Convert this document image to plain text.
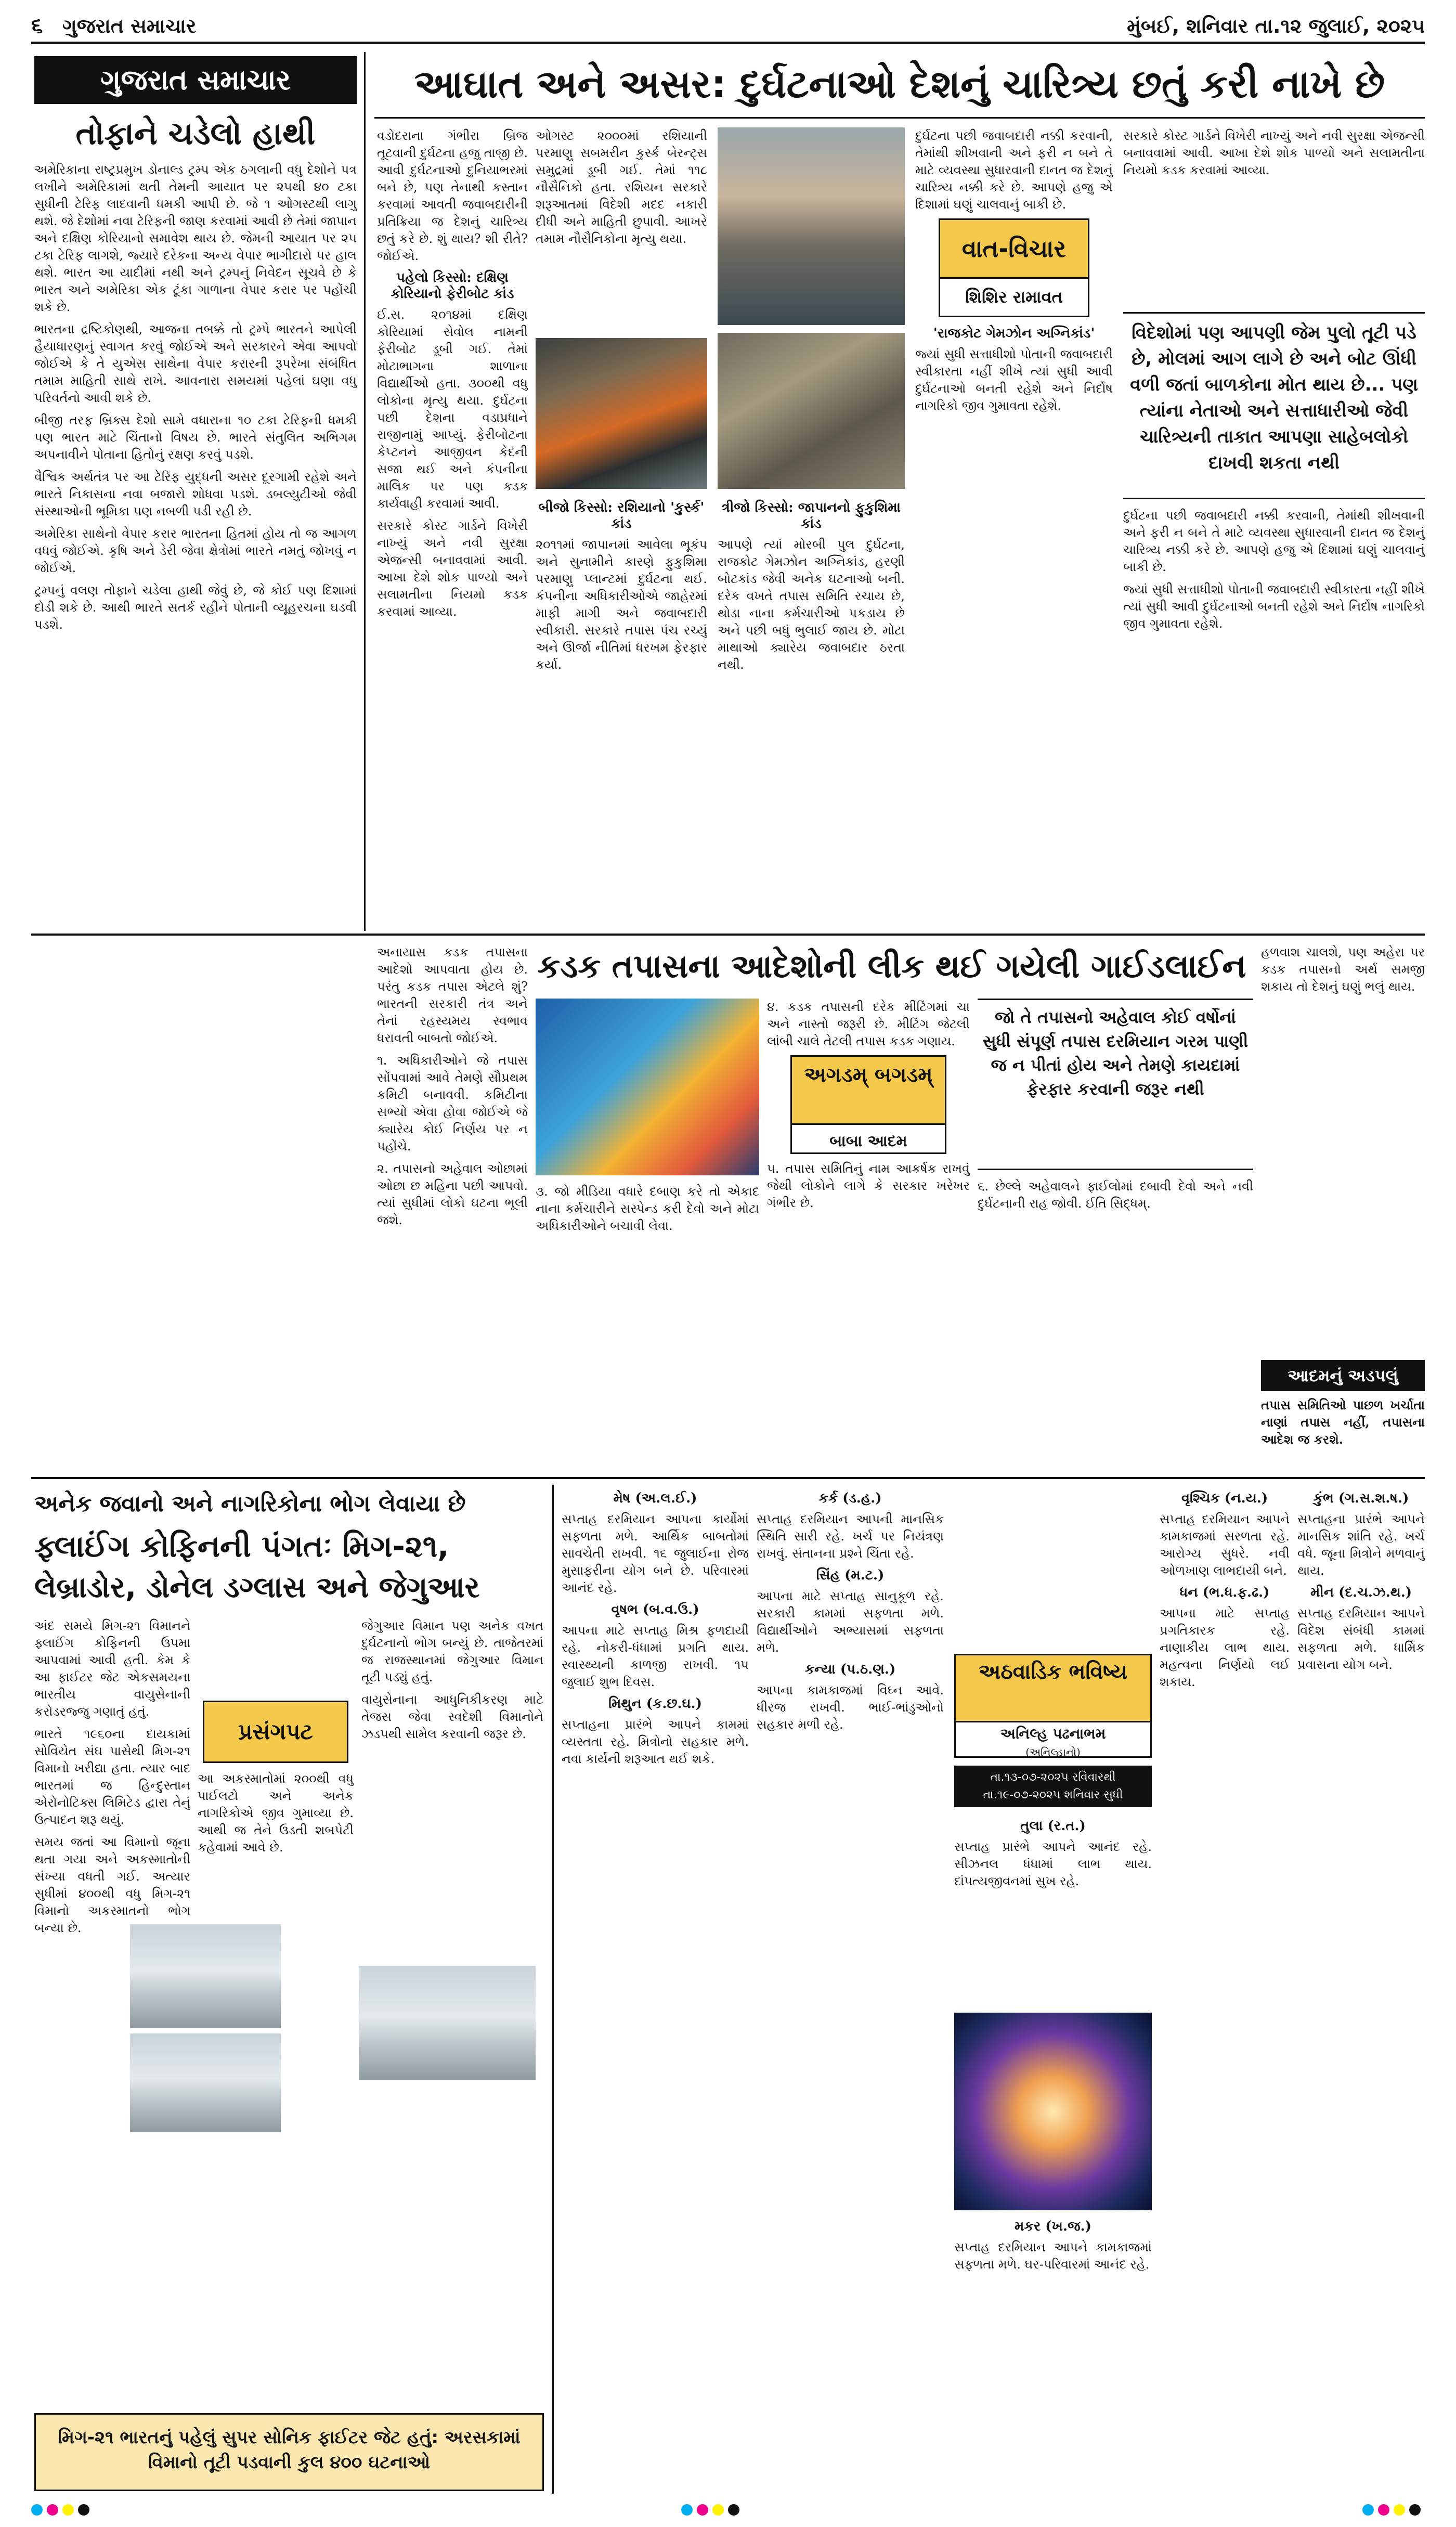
૬ ગુજરાત સમાચાર	મુંબઈ, શનિવાર તા.૧૨ જુલાઈ, ૨૦૨૫
ગુજરાત સમાચાર
તોફાને ચડેલો હાથી

અમેરિકાના રાષ્ટ્રપ્રમુખ ડોનાલ્ડ ટ્રમ્પ એક ઠગલાની વધુ દેશોને પત્ર લખીને અમેરિકામાં થતી તેમની આયાત પર ૨૫થી ૪૦ ટકા સુધીની ટેરિફ લાદવાની ધમકી આપી છે. જે ૧ ઓગસ્ટથી લાગુ થશે. જે દેશોમાં નવા ટેરિફની જાણ કરવામાં આવી છે તેમાં જાપાન અને દક્ષિણ કોરિયાનો સમાવેશ થાય છે. જેમની આયાત પર ૨૫ ટકા ટેરિફ લાગશે, જ્યારે દરેકના અન્ય વેપાર ભાગીદારો પર હાલ થશે. ભારત આ યાદીમાં નથી અને ટ્રમ્પનું નિવેદન સૂચવે છે કે ભારત અને અમેરિકા એક ટૂંકા ગાળાના વેપાર કરાર પર પહોંચી શકે છે.

ભારતના દ્રષ્ટિકોણથી, આજના તબક્કે તો ટ્રમ્પે ભારતને આપેલી હૈયાધારણનું સ્વાગત કરવું જોઈએ અને સરકારને એવા આપવો જોઈએ કે તે યુએસ સાથેના વેપાર કરારની રૂપરેખા સંબંધિત તમામ માહિતી સાથે રાખે. આવનારા સમયમાં પહેલાં ઘણા વધુ પરિવર્તનો આવી શકે છે.

બીજી તરફ બ્રિક્સ દેશો સામે વધારાના ૧૦ ટકા ટેરિફની ધમકી પણ ભારત માટે ચિંતાનો વિષય છે. ભારતે સંતુલિત અભિગમ અપનાવીને પોતાના હિતોનું રક્ષણ કરવું પડશે.

વૈશ્વિક અર્થતંત્ર પર આ ટેરિફ યુદ્ધની અસર દૂરગામી રહેશે અને ભારતે નિકાસના નવા બજારો શોધવા પડશે. ડબલ્યુટીઓ જેવી સંસ્થાઓની ભૂમિકા પણ નબળી પડી રહી છે.

અમેરિકા સાથેનો વેપાર કરાર ભારતના હિતમાં હોય તો જ આગળ વધવું જોઈએ. કૃષિ અને ડેરી જેવા ક્ષેત્રોમાં ભારતે નમતું જોખવું ન જોઈએ.

ટ્રમ્પનું વલણ તોફાને ચડેલા હાથી જેવું છે, જે કોઈ પણ દિશામાં દોડી શકે છે. આથી ભારતે સતર્ક રહીને પોતાની વ્યૂહરચના ઘડવી પડશે.

આઘાત અને અસર: દુર્ઘટનાઓ દેશનું ચારિત્ર્ય છતું કરી નાખે છે

વડોદરાના ગંભીરા બ્રિજ તૂટવાની દુર્ઘટના હજુ તાજી છે. આવી દુર્ઘટનાઓ દુનિયાભરમાં બને છે, પણ તેનાથી કસ્તાન કરવામાં આવતી જવાબદારીની પ્રતિક્રિયા જ દેશનું ચારિત્ર્ય છતું કરે છે. શું થાય? શી રીતે? જોઈએ.

પહેલો કિસ્સો: દક્ષિણ કોરિયાનો ફેરીબોટ કાંડ

ઈ.સ. ૨૦૧૪માં દક્ષિણ કોરિયામાં સેવોલ નામની ફેરીબોટ ડૂબી ગઈ. તેમાં મોટાભાગના શાળાના વિદ્યાર્થીઓ હતા. ૩૦૦થી વધુ લોકોના મૃત્યુ થયા. દુર્ઘટના પછી દેશના વડાપ્રધાને રાજીનામું આપ્યું. ફેરીબોટના કેપ્ટનને આજીવન કેદની સજા થઈ અને કંપનીના માલિક પર પણ કડક કાર્યવાહી કરવામાં આવી.

સરકારે કોસ્ટ ગાર્ડને વિખેરી નાખ્યું અને નવી સુરક્ષા એજન્સી બનાવવામાં આવી. આખા દેશે શોક પાળ્યો અને સલામતીના નિયમો કડક કરવામાં આવ્યા.

ઓગસ્ટ ૨૦૦૦માં રશિયાની પરમાણુ સબમરીન કુર્સ્ક બેરન્ટ્સ સમુદ્રમાં ડૂબી ગઈ. તેમાં ૧૧૮ નૌસૈનિકો હતા. રશિયન સરકારે શરૂઆતમાં વિદેશી મદદ નકારી દીધી અને માહિતી છુપાવી. આખરે તમામ નૌસૈનિકોના મૃત્યુ થયા.

બીજો કિસ્સો: રશિયાનો 'કુર્સ્ક' કાંડ

૨૦૧૧માં જાપાનમાં આવેલા ભૂકંપ અને સુનામીને કારણે ફુકુશિમા પરમાણુ પ્લાન્ટમાં દુર્ઘટના થઈ. કંપનીના અધિકારીઓએ જાહેરમાં માફી માગી અને જવાબદારી સ્વીકારી. સરકારે તપાસ પંચ રચ્યું અને ઊર્જા નીતિમાં ધરખમ ફેરફાર કર્યા.

ત્રીજો કિસ્સો: જાપાનનો ફુકુશિમા કાંડ

આપણે ત્યાં મોરબી પુલ દુર્ઘટના, રાજકોટ ગેમઝોન અગ્નિકાંડ, હરણી બોટકાંડ જેવી અનેક ઘટનાઓ બની. દરેક વખતે તપાસ સમિતિ રચાય છે, થોડા નાના કર્મચારીઓ પકડાય છે અને પછી બધું ભુલાઈ જાય છે. મોટા માથાઓ ક્યારેય જવાબદાર ઠરતા નથી.

દુર્ઘટના પછી જવાબદારી નક્કી કરવાની, તેમાંથી શીખવાની અને ફરી ન બને તે માટે વ્યવસ્થા સુધારવાની દાનત જ દેશનું ચારિત્ર્ય નક્કી કરે છે. આપણે હજુ એ દિશામાં ઘણું ચાલવાનું બાકી છે.

વાત-વિચાર
શિશિર રામાવત
'રાજકોટ ગેમઝોન અગ્નિકાંડ'

જ્યાં સુધી સત્તાધીશો પોતાની જવાબદારી સ્વીકારતા નહીં શીખે ત્યાં સુધી આવી દુર્ઘટનાઓ બનતી રહેશે અને નિર્દોષ નાગરિકો જીવ ગુમાવતા રહેશે.

સરકારે કોસ્ટ ગાર્ડને વિખેરી નાખ્યું અને નવી સુરક્ષા એજન્સી બનાવવામાં આવી. આખા દેશે શોક પાળ્યો અને સલામતીના નિયમો કડક કરવામાં આવ્યા.

વિદેશોમાં પણ આપણી જેમ પુલો તૂટી પડે છે, મોલમાં આગ લાગે છે અને બોટ ઊંધી વળી જતાં બાળકોના મોત થાય છે... પણ ત્યાંના નેતાઓ અને સત્તાધારીઓ જેવી ચારિત્ર્યની તાકાત આપણા સાહેબલોકો દાખવી શકતા નથી

દુર્ઘટના પછી જવાબદારી નક્કી કરવાની, તેમાંથી શીખવાની અને ફરી ન બને તે માટે વ્યવસ્થા સુધારવાની દાનત જ દેશનું ચારિત્ર્ય નક્કી કરે છે. આપણે હજુ એ દિશામાં ઘણું ચાલવાનું બાકી છે.

જ્યાં સુધી સત્તાધીશો પોતાની જવાબદારી સ્વીકારતા નહીં શીખે ત્યાં સુધી આવી દુર્ઘટનાઓ બનતી રહેશે અને નિર્દોષ નાગરિકો જીવ ગુમાવતા રહેશે.

કડક તપાસના આદેશોની લીક થઈ ગયેલી ગાઈડલાઈન

અનાયાસ કડક તપાસના આદેશો આપવાતા હોય છે. પરંતુ કડક તપાસ એટલે શું? ભારતની સરકારી તંત્ર અને તેનાં રહસ્યમય સ્વભાવ ધરાવતી બાબતો જોઈએ.

૧. અધિકારીઓને જે તપાસ સોંપવામાં આવે તેમણે સૌપ્રથમ કમિટી બનાવવી. કમિટીના સભ્યો એવા હોવા જોઈએ જે ક્યારેય કોઈ નિર્ણય પર ન પહોંચે.

૨. તપાસનો અહેવાલ ઓછામાં ઓછા છ મહિના પછી આપવો. ત્યાં સુધીમાં લોકો ઘટના ભૂલી જશે.

૩. જો મીડિયા વધારે દબાણ કરે તો એકાદ નાના કર્મચારીને સસ્પેન્ડ કરી દેવો અને મોટા અધિકારીઓને બચાવી લેવા.

૪. કડક તપાસની દરેક મીટિંગમાં ચા અને નાસ્તો જરૂરી છે. મીટિંગ જેટલી લાંબી ચાલે તેટલી તપાસ કડક ગણાય.

અગડમ્ બગડમ્
બાબા આદમ

૫. તપાસ સમિતિનું નામ આકર્ષક રાખવું જેથી લોકોને લાગે કે સરકાર ખરેખર ગંભીર છે.

જો તે તપાસનો અહેવાલ કોઈ વર્ષોનાં સુધી સંપૂર્ણ તપાસ દરમિયાન ગરમ પાણી જ ન પીતાં હોય અને તેમણે કાયદામાં ફેરફાર કરવાની જરૂર નથી

૬. છેલ્લે અહેવાલને ફાઈલોમાં દબાવી દેવો અને નવી દુર્ઘટનાની રાહ જોવી. ઈતિ સિદ્ધમ્.

હળવાશ ચાલશે, પણ અહેરા પર કડક તપાસનો અર્થ સમજી શકાય તો દેશનું ઘણું ભલું થાય.

આદમનું અડપલું

તપાસ સમિતિઓ પાછળ ખર્ચાતા નાણાં તપાસ નહીં, તપાસના આદેશ જ કરશે.

અનેક જવાનો અને નાગરિકોના ભોગ લેવાયા છે
ફ્લાઈંગ કોફિનની પંગતઃ મિગ-૨૧,
લેબ્રાડોર, ડોનેલ ડગ્લાસ અને જેગુઆર

અંદ સમયે મિગ-૨૧ વિમાનને ફ્લાઈંગ કોફિનની ઉપમા આપવામાં આવી હતી. કેમ કે આ ફાઈટર જેટ એકસમયના ભારતીય વાયુસેનાની કરોડરજ્જુ ગણાતું હતું.

ભારતે ૧૯૬૦ના દાયકામાં સોવિયેત સંઘ પાસેથી મિગ-૨૧ વિમાનો ખરીદ્યા હતા. ત્યાર બાદ ભારતમાં જ હિન્દુસ્તાન એરોનોટિક્સ લિમિટેડ દ્વારા તેનું ઉત્પાદન શરૂ થયું.

સમય જતાં આ વિમાનો જૂના થતા ગયા અને અકસ્માતોની સંખ્યા વધતી ગઈ. અત્યાર સુધીમાં ૪૦૦થી વધુ મિગ-૨૧ વિમાનો અકસ્માતનો ભોગ બન્યા છે.

પ્રસંગપટ

આ અકસ્માતોમાં ૨૦૦થી વધુ પાઈલટો અને અનેક નાગરિકોએ જીવ ગુમાવ્યા છે. આથી જ તેને ઉડતી શબપેટી કહેવામાં આવે છે.

જેગુઆર વિમાન પણ અનેક વખત દુર્ઘટનાનો ભોગ બન્યું છે. તાજેતરમાં જ રાજસ્થાનમાં જેગુઆર વિમાન તૂટી પડ્યું હતું.

વાયુસેનાના આધુનિકીકરણ માટે તેજસ જેવા સ્વદેશી વિમાનોને ઝડપથી સામેલ કરવાની જરૂર છે.

મિગ-૨૧ ભારતનું પહેલું સુપર સોનિક ફાઈટર જેટ હતું: અરસકામાં વિમાનો તૂટી પડવાની કુલ ૪૦૦ ઘટનાઓ
મેષ (અ.લ.ઈ.)

સપ્તાહ દરમિયાન આપના કાર્યોમાં સફળતા મળે. આર્થિક બાબતોમાં સાવચેતી રાખવી. ૧૬ જુલાઈના રોજ મુસાફરીના યોગ બને છે. પરિવારમાં આનંદ રહે.

વૃષભ (બ.વ.ઉ.)

આપના માટે સપ્તાહ મિશ્ર ફળદાયી રહે. નોકરી-ધંધામાં પ્રગતિ થાય. સ્વાસ્થ્યની કાળજી રાખવી. ૧૫ જુલાઈ શુભ દિવસ.

મિથુન (ક.છ.ઘ.)

સપ્તાહના પ્રારંભે આપને કામમાં વ્યસ્તતા રહે. મિત્રોનો સહકાર મળે. નવા કાર્યની શરૂઆત થઈ શકે.

કર્ક (ડ.હ.)

સપ્તાહ દરમિયાન આપની માનસિક સ્થિતિ સારી રહે. ખર્ચ પર નિયંત્રણ રાખવું. સંતાનના પ્રશ્ને ચિંતા રહે.

સિંહ (મ.ટ.)

આપના માટે સપ્તાહ સાનુકૂળ રહે. સરકારી કામમાં સફળતા મળે. વિદ્યાર્થીઓને અભ્યાસમાં સફળતા મળે.

કન્યા (પ.ઠ.ણ.)

આપના કામકાજમાં વિઘ્ન આવે. ધીરજ રાખવી. ભાઈ-ભાંડુઓનો સહકાર મળી રહે.

અઠવાડિક ભવિષ્ય
અનિલ્હ પઢનાભમ
(અનિલ્હાનો)
તા.૧૩-૦૭-૨૦૨૫ રવિવારથી તા.૧૯-૦૭-૨૦૨૫ શનિવાર સુધી
તુલા (ર.ત.)

સપ્તાહ પ્રારંભે આપને આનંદ રહે. સીઝનલ ધંધામાં લાભ થાય. દાંપત્યજીવનમાં સુખ રહે.

મકર (ખ.જ.)

સપ્તાહ દરમિયાન આપને કામકાજમાં સફળતા મળે. ઘર-પરિવારમાં આનંદ રહે.

વૃશ્ચિક (ન.ય.)

સપ્તાહ દરમિયાન આપને કામકાજમાં સરળતા રહે. આરોગ્ય સુધરે. નવી ઓળખાણ લાભદાયી બને.

ધન (ભ.ધ.ફ.ઢ.)

આપના માટે સપ્તાહ પ્રગતિકારક રહે. નાણાકીય લાભ થાય. મહત્વના નિર્ણયો લઈ શકાય.

કુંભ (ગ.સ.શ.ષ.)

સપ્તાહના પ્રારંભે આપને માનસિક શાંતિ રહે. ખર્ચ વધે. જૂના મિત્રોને મળવાનું થાય.

મીન (દ.ચ.ઝ.થ.)

સપ્તાહ દરમિયાન આપને વિદેશ સંબંધી કામમાં સફળતા મળે. ધાર્મિક પ્રવાસના યોગ બને.
